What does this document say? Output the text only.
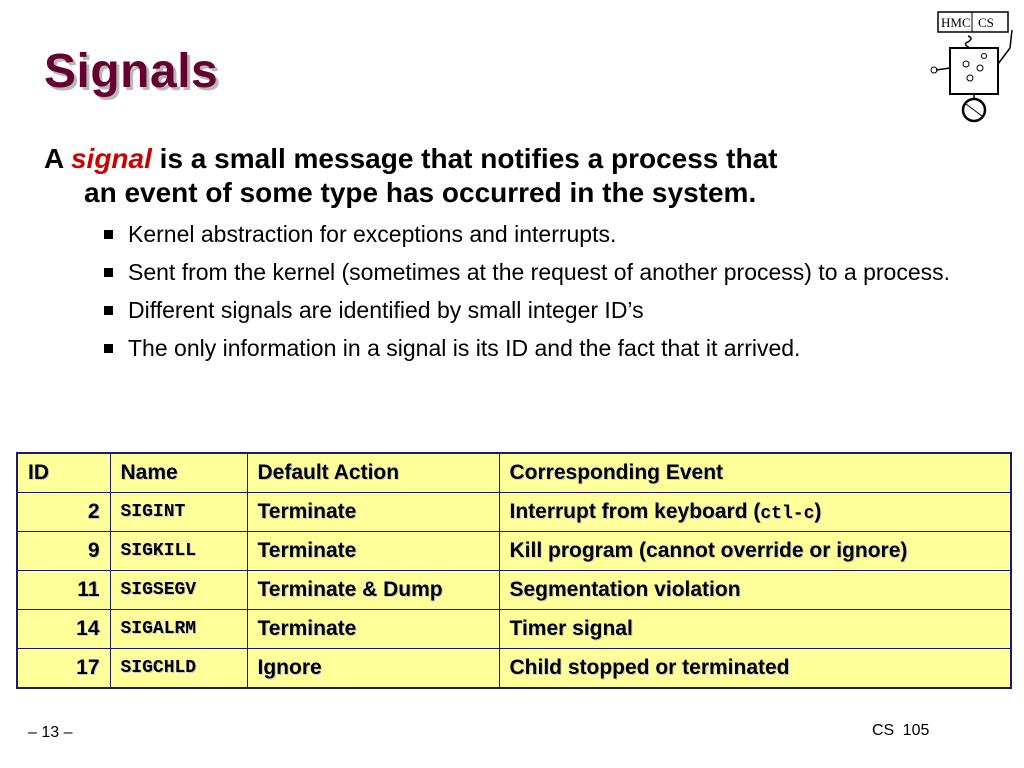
Signals
HMC CS
A signal is a small message that notifies a process that
an event of some type has occurred in the system.
Kernel abstraction for exceptions and interrupts.
Sent from the kernel (sometimes at the request of another process) to a process.
Different signals are identified by small integer ID’s
The only information in a signal is its ID and the fact that it arrived.
ID	Name	Default Action	Corresponding Event
2	SIGINT	Terminate	Interrupt from keyboard (ctl-c)
9	SIGKILL	Terminate	Kill program (cannot override or ignore)
11	SIGSEGV	Terminate & Dump	Segmentation violation
14	SIGALRM	Terminate	Timer signal
17	SIGCHLD	Ignore	Child stopped or terminated
– 13 –	CS 105
